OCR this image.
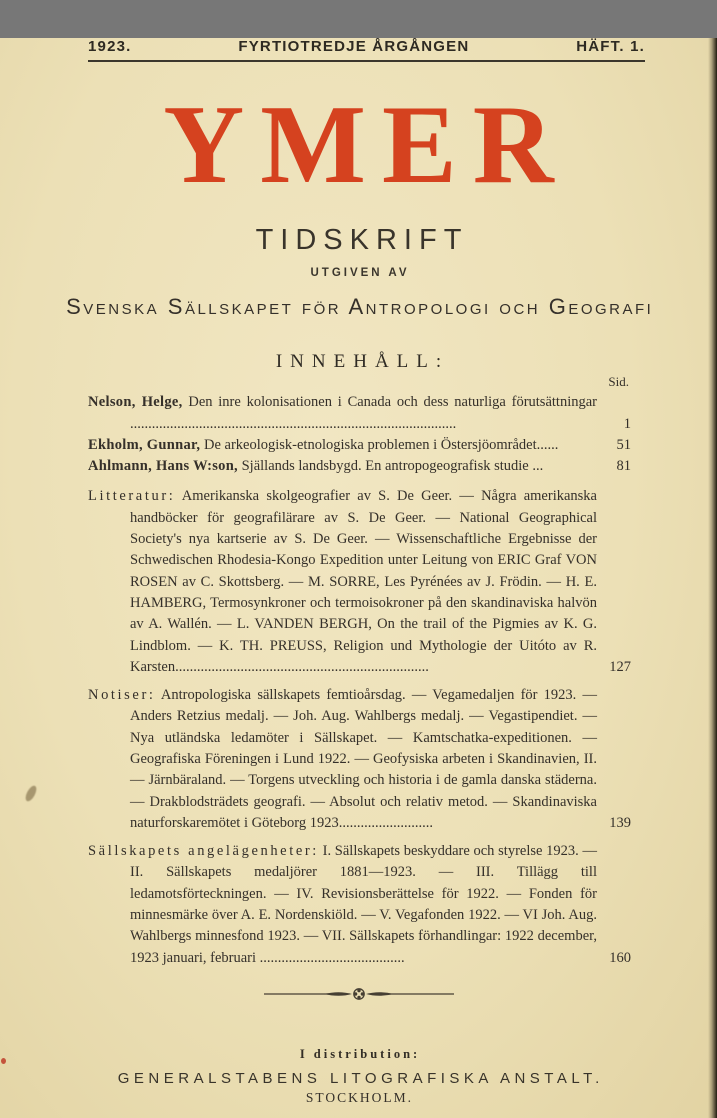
1923.	FYRTIOTREDJE ÅRGÅNGEN	HÄFT. 1.
YMER
TIDSKRIFT
UTGIVEN AV
Svenska Sällskapet för Antropologi och Geografi
INNEHÅLL:
Sid.

Nelson, Helge, Den inre kolonisationen i Canada och dess naturliga förutsättningar ..........................................................................................	1

Ekholm, Gunnar, De arkeologisk-etnologiska problemen i Östersjöområdet......	51

Ahlmann, Hans W:son, Själlands landsbygd. En antropogeografisk studie ...	81

Litteratur: Amerikanska skolgeografier av S. De Geer. — Några amerikanska handböcker för geografilärare av S. De Geer. — National Geographical Society's nya kartserie av S. De Geer. — Wissenschaftliche Ergebnisse der Schwedischen Rhodesia-Kongo Expedition unter Leitung von ERIC Graf VON ROSEN av C. Skottsberg. — M. SORRE, Les Pyrénées av J. Frödin. — H. E. HAMBERG, Termosynkroner och termoisokroner på den skandinaviska halvön av A. Wallén. — L. VANDEN BERGH, On the trail of the Pigmies av K. G. Lindblom. — K. TH. PREUSS, Religion und Mythologie der Uitóto av R. Karsten......................................................................	127

Notiser: Antropologiska sällskapets femtioårsdag. — Vegamedaljen för 1923. — Anders Retzius medalj. — Joh. Aug. Wahlbergs medalj. — Vegastipendiet. — Nya utländska ledamöter i Sällskapet. — Kamtschatka-expeditionen. — Geografiska Föreningen i Lund 1922. — Geofysiska arbeten i Skandinavien, II. — Järnbäraland. — Torgens utveckling och historia i de gamla danska städerna. — Drakblodsträdets geografi. — Absolut och relativ metod. — Skandinaviska naturforskaremötet i Göteborg 1923..........................	139

Sällskapets angelägenheter: I. Sällskapets beskyddare och styrelse 1923. — II. Sällskapets medaljörer 1881—1923. — III. Tillägg till ledamotsförteckningen. — IV. Revisionsberättelse för 1922. — Fonden för minnesmärke över A. E. Nordenskiöld. — V. Vegafonden 1922. — VI Joh. Aug. Wahlbergs minnesfond 1923. — VII. Sällskapets förhandlingar: 1922 december, 1923 januari, februari ........................................	160

I distribution:
GENERALSTABENS LITOGRAFISKA ANSTALT.
STOCKHOLM.
